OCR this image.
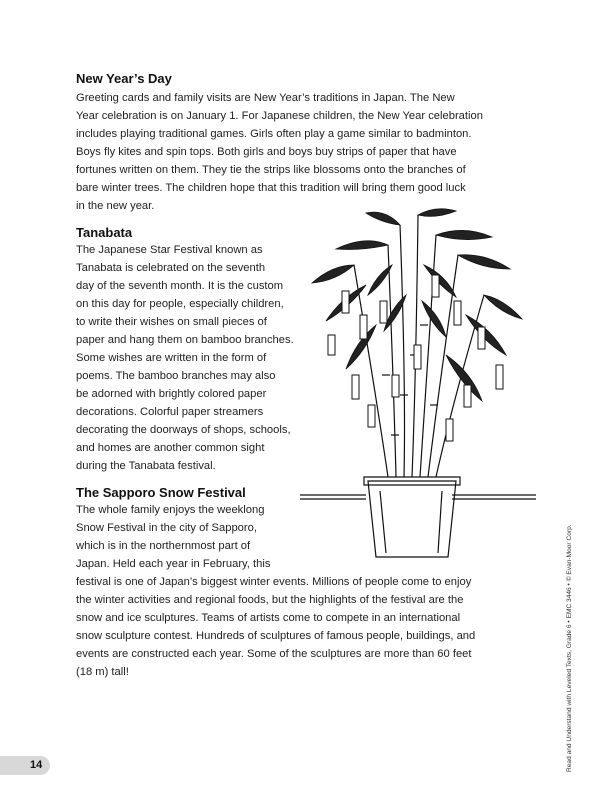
New Year’s Day
Greeting cards and family visits are New Year’s traditions in Japan. The New
Year celebration is on January 1. For Japanese children, the New Year celebration
includes playing traditional games. Girls often play a game similar to badminton.
Boys fly kites and spin tops. Both girls and boys buy strips of paper that have
fortunes written on them. They tie the strips like blossoms onto the branches of
bare winter trees. The children hope that this tradition will bring them good luck
in the new year.
Tanabata
The Japanese Star Festival known as
Tanabata is celebrated on the seventh
day of the seventh month. It is the custom
on this day for people, especially children,
to write their wishes on small pieces of
paper and hang them on bamboo branches.
Some wishes are written in the form of
poems. The bamboo branches may also
be adorned with brightly colored paper
decorations. Colorful paper streamers
decorating the doorways of shops, schools,
and homes are another common sight
during the Tanabata festival.
The Sapporo Snow Festival
The whole family enjoys the weeklong
Snow Festival in the city of Sapporo,
which is in the northernmost part of
Japan. Held each year in February, this
festival is one of Japan’s biggest winter events. Millions of people come to enjoy
the winter activities and regional foods, but the highlights of the festival are the
snow and ice sculptures. Teams of artists come to compete in an international
snow sculpture contest. Hundreds of sculptures of famous people, buildings, and
events are constructed each year. Some of the sculptures are more than 60 feet
(18 m) tall!
14	Read and Understand with Leveled Texts, Grade 6 • EMC 3446 • © Evan-Moor Corp.
